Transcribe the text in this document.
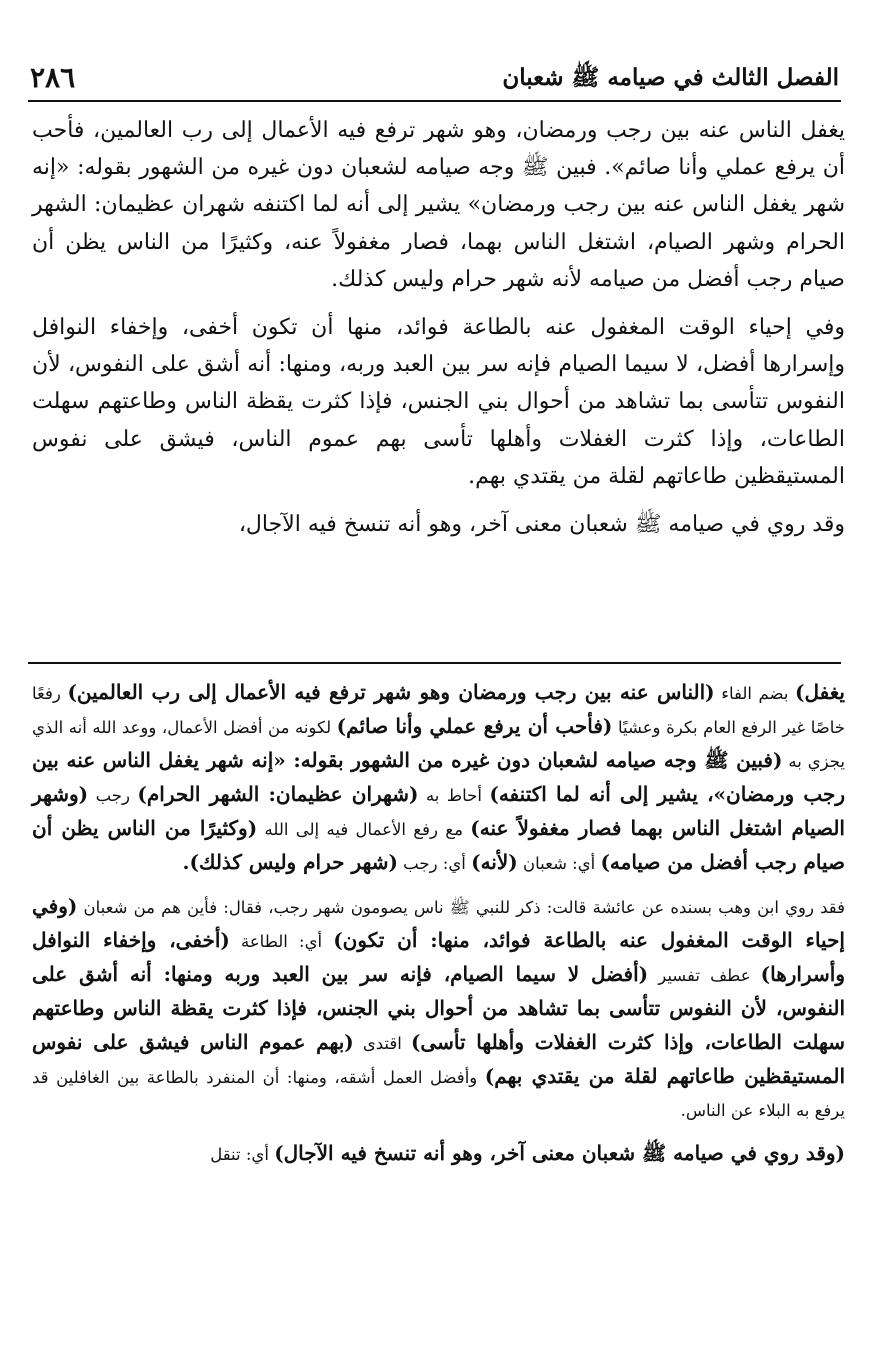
الفصل الثالث في صيامه ﷺ شعبان
٢٨٦

يغفل الناس عنه بين رجب ورمضان، وهو شهر ترفع فيه الأعمال إلى رب العالمين، فأحب أن يرفع عملي وأنا صائم». فبين ﷺ وجه صيامه لشعبان دون غيره من الشهور بقوله: «إنه شهر يغفل الناس عنه بين رجب ورمضان» يشير إلى أنه لما اكتنفه شهران عظيمان: الشهر الحرام وشهر الصيام، اشتغل الناس بهما، فصار مغفولاً عنه، وكثيرًا من الناس يظن أن صيام رجب أفضل من صيامه لأنه شهر حرام وليس كذلك.

وفي إحياء الوقت المغفول عنه بالطاعة فوائد، منها أن تكون أخفى، وإخفاء النوافل وإسرارها أفضل، لا سيما الصيام فإنه سر بين العبد وربه، ومنها: أنه أشق على النفوس، لأن النفوس تتأسى بما تشاهد من أحوال بني الجنس، فإذا كثرت يقظة الناس وطاعتهم سهلت الطاعات، وإذا كثرت الغفلات وأهلها تأسى بهم عموم الناس، فيشق على نفوس المستيقظين طاعاتهم لقلة من يقتدي بهم.

وقد روي في صيامه ﷺ شعبان معنى آخر، وهو أنه تنسخ فيه الآجال،

يغفل) بضم الفاء (الناس عنه بين رجب ورمضان وهو شهر ترفع فيه الأعمال إلى رب العالمين) رفعًا خاصًا غير الرفع العام بكرة وعشيًا (فأحب أن يرفع عملي وأنا صائم) لكونه من أفضل الأعمال، ووعد الله أنه الذي يجزي به (فبين ﷺ وجه صيامه لشعبان دون غيره من الشهور بقوله: «إنه شهر يغفل الناس عنه بين رجب ورمضان»، يشير إلى أنه لما اكتنفه) أحاط به (شهران عظيمان: الشهر الحرام) رجب (وشهر الصيام اشتغل الناس بهما فصار مغفولاً عنه) مع رفع الأعمال فيه إلى الله (وكثيرًا من الناس يظن أن صيام رجب أفضل من صيامه) أي: شعبان (لأنه) أي: رجب (شهر حرام وليس كذلك).

فقد روي ابن وهب بسنده عن عائشة قالت: ذكر للنبي ﷺ ناس يصومون شهر رجب، فقال: فأين هم من شعبان (وفي إحياء الوقت المغفول عنه بالطاعة فوائد، منها: أن تكون) أي: الطاعة (أخفى، وإخفاء النوافل وأسرارها) عطف تفسير (أفضل لا سيما الصيام، فإنه سر بين العبد وربه ومنها: أنه أشق على النفوس، لأن النفوس تتأسى بما تشاهد من أحوال بني الجنس، فإذا كثرت يقظة الناس وطاعتهم سهلت الطاعات، وإذا كثرت الغفلات وأهلها تأسى) اقتدى (بهم عموم الناس فيشق على نفوس المستيقظين طاعاتهم لقلة من يقتدي بهم) وأفضل العمل أشقه، ومنها: أن المنفرد بالطاعة بين الغافلين قد يرفع به البلاء عن الناس.

(وقد روي في صيامه ﷺ شعبان معنى آخر، وهو أنه تنسخ فيه الآجال) أي: تنقل
